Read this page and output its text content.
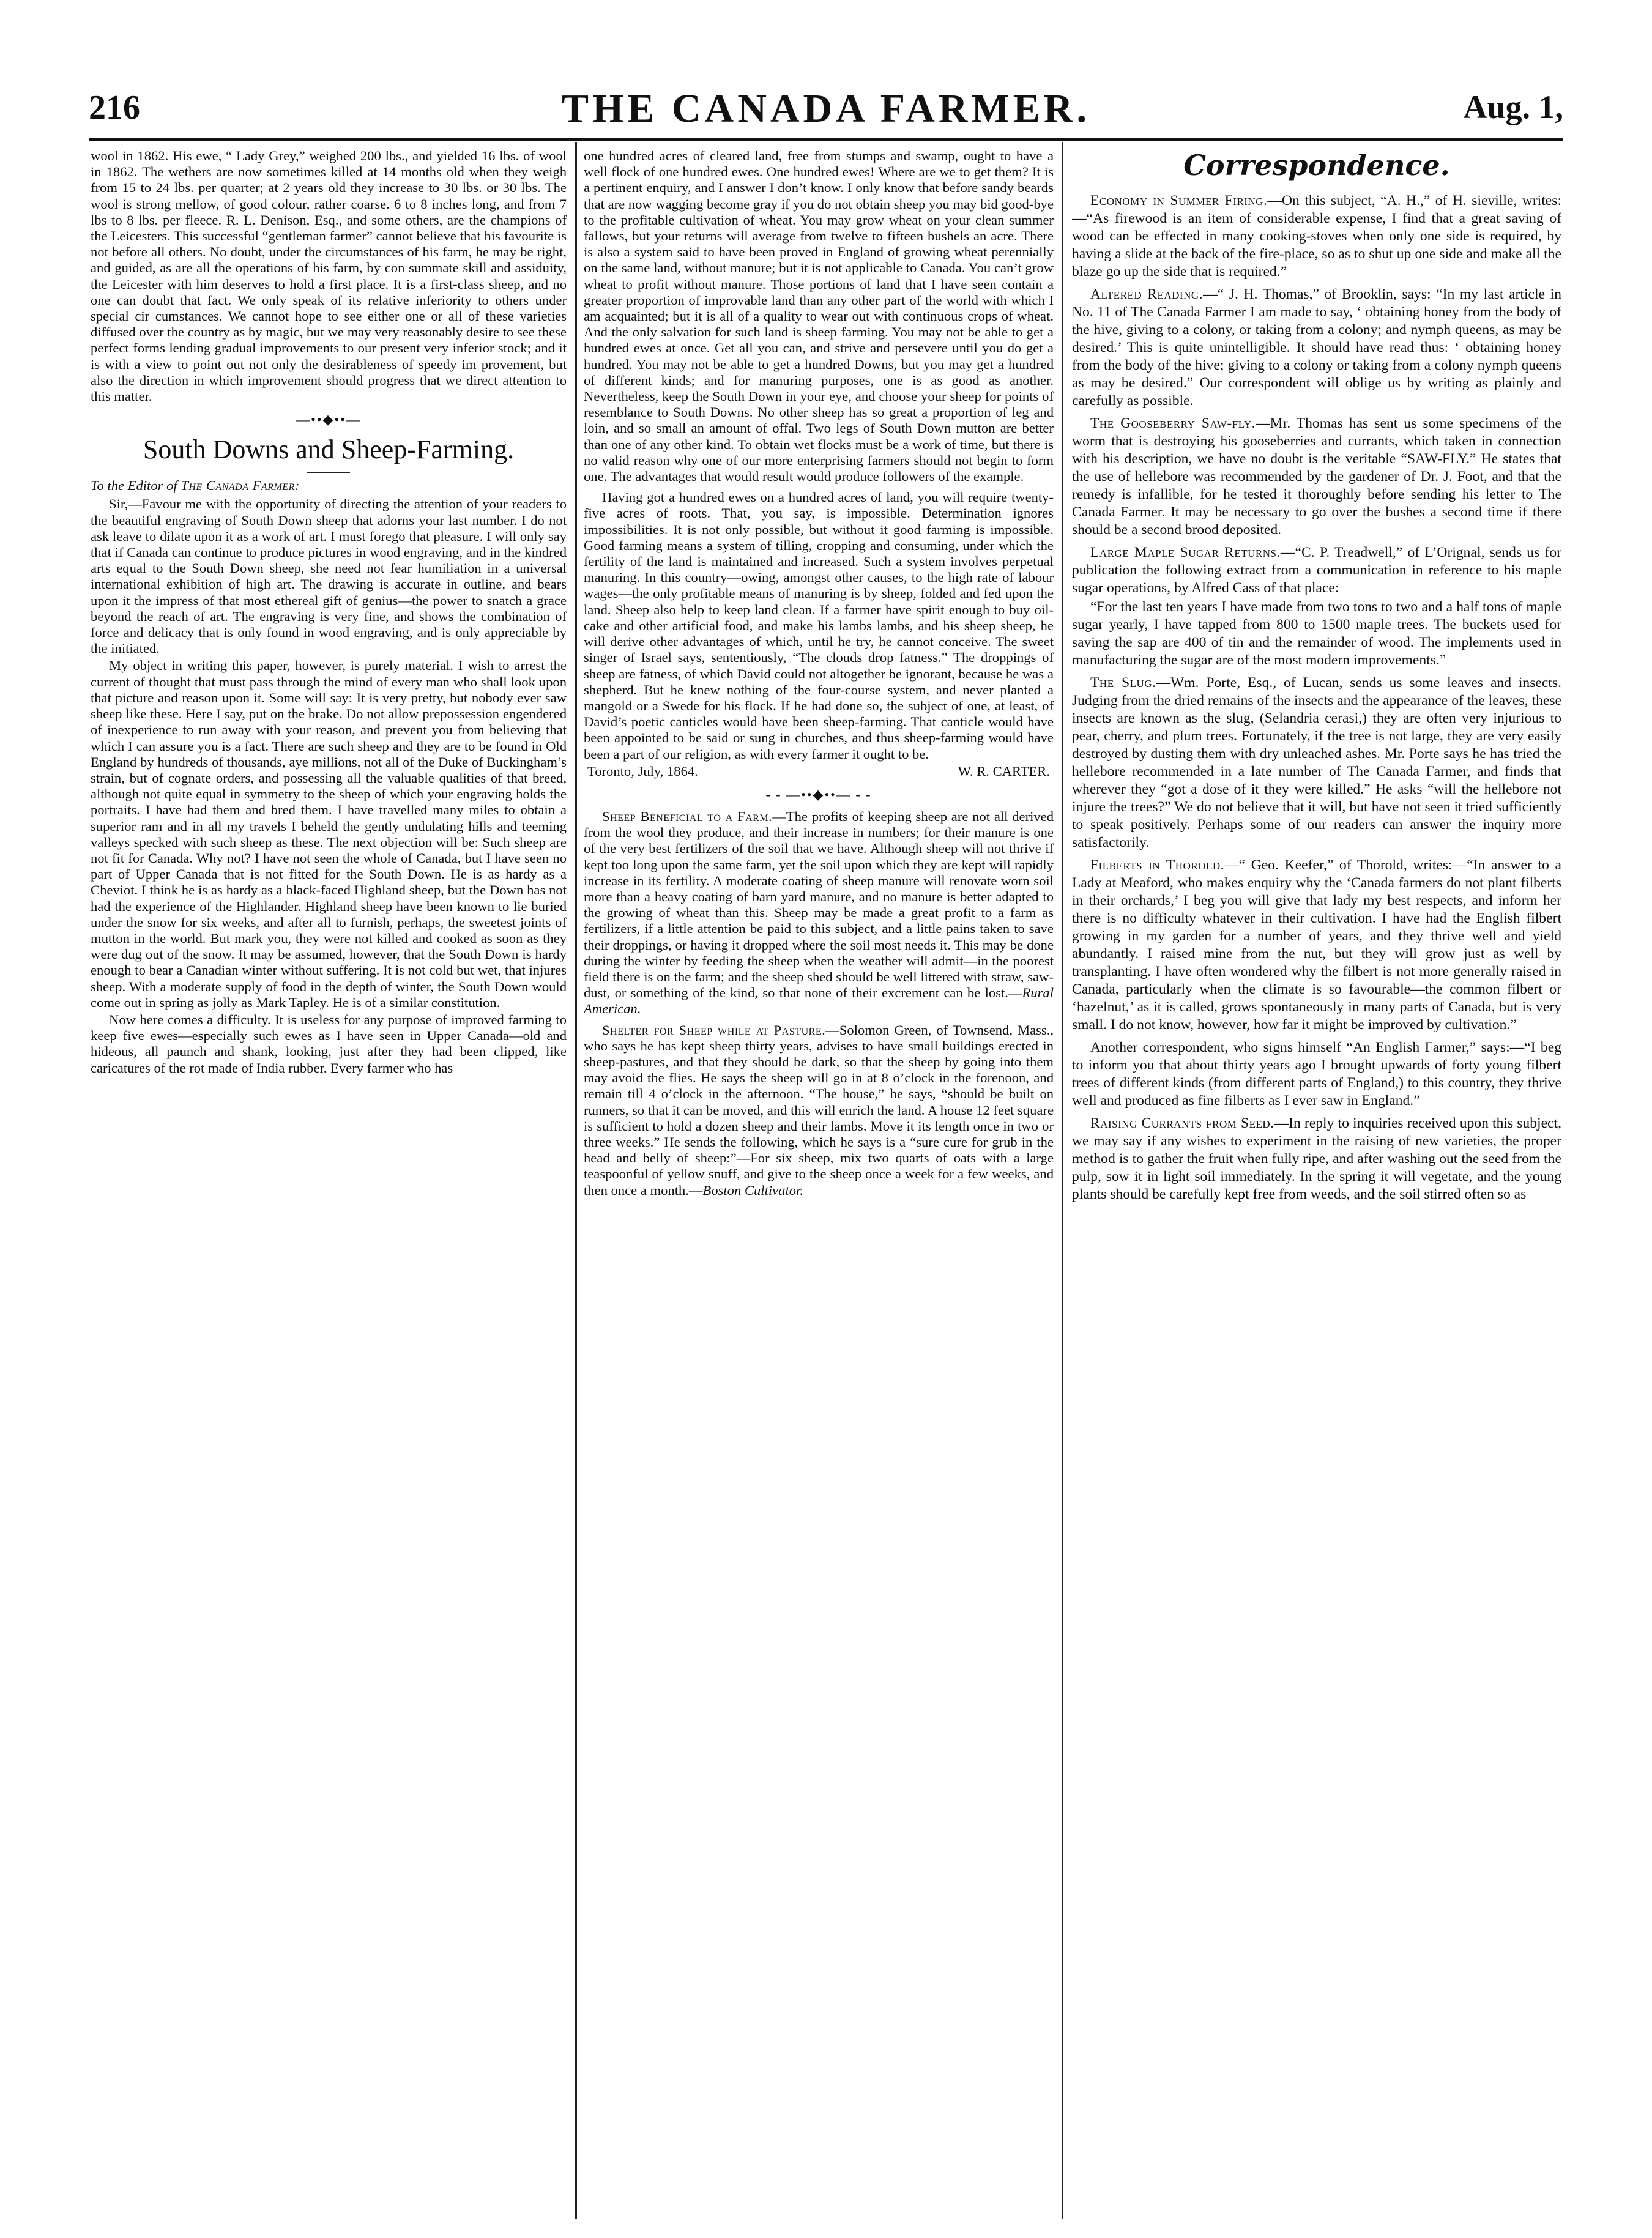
216	THE CANADA FARMER.	Aug. 1,

wool in 1862. His ewe, “ Lady Grey,” weighed 200 lbs., and yielded 16 lbs. of wool in 1862. The wethers are now sometimes killed at 14 months old when they weigh from 15 to 24 lbs. per quarter; at 2 years old they increase to 30 lbs. or 30 lbs. The wool is strong mellow, of good colour, rather coarse. 6 to 8 inches long, and from 7 lbs to 8 lbs. per fleece. R. L. Denison, Esq., and some others, are the champions of the Leicesters. This successful “gentleman farmer” cannot believe that his favourite is not before all others. No doubt, under the circumstances of his farm, he may be right, and guided, as are all the operations of his farm, by con summate skill and assiduity, the Leicester with him deserves to hold a first place. It is a first-class sheep, and no one can doubt that fact. We only speak of its relative inferiority to others under special cir cumstances. We cannot hope to see either one or all of these varieties diffused over the country as by magic, but we may very reasonably desire to see these perfect forms lending gradual improvements to our present very inferior stock; and it is with a view to point out not only the desirableness of speedy im provement, but also the direction in which improvement should progress that we direct attention to this matter.

—••◆••—
South Downs and Sheep-Farming.

To the Editor of The Canada Farmer:

Sir,—Favour me with the opportunity of directing the attention of your readers to the beautiful engraving of South Down sheep that adorns your last number. I do not ask leave to dilate upon it as a work of art. I must forego that pleasure. I will only say that if Canada can continue to produce pictures in wood engraving, and in the kindred arts equal to the South Down sheep, she need not fear humiliation in a universal international exhibition of high art. The drawing is accurate in outline, and bears upon it the impress of that most ethereal gift of genius—the power to snatch a grace beyond the reach of art. The engraving is very fine, and shows the combination of force and delicacy that is only found in wood engraving, and is only appreciable by the initiated.

My object in writing this paper, however, is purely material. I wish to arrest the current of thought that must pass through the mind of every man who shall look upon that picture and reason upon it. Some will say: It is very pretty, but nobody ever saw sheep like these. Here I say, put on the brake. Do not allow prepossession engendered of inexperience to run away with your reason, and prevent you from believing that which I can assure you is a fact. There are such sheep and they are to be found in Old England by hundreds of thousands, aye millions, not all of the Duke of Buckingham’s strain, but of cognate orders, and possessing all the valuable qualities of that breed, although not quite equal in symmetry to the sheep of which your engraving holds the portraits. I have had them and bred them. I have travelled many miles to obtain a superior ram and in all my travels I beheld the gently undulating hills and teeming valleys specked with such sheep as these. The next objection will be: Such sheep are not fit for Canada. Why not? I have not seen the whole of Canada, but I have seen no part of Upper Canada that is not fitted for the South Down. He is as hardy as a Cheviot. I think he is as hardy as a black-faced Highland sheep, but the Down has not had the experience of the Highlander. Highland sheep have been known to lie buried under the snow for six weeks, and after all to furnish, perhaps, the sweetest joints of mutton in the world. But mark you, they were not killed and cooked as soon as they were dug out of the snow. It may be assumed, however, that the South Down is hardy enough to bear a Canadian winter without suffering. It is not cold but wet, that injures sheep. With a moderate supply of food in the depth of winter, the South Down would come out in spring as jolly as Mark Tapley. He is of a similar constitution.

Now here comes a difficulty. It is useless for any purpose of improved farming to keep five ewes—especially such ewes as I have seen in Upper Canada—old and hideous, all paunch and shank, looking, just after they had been clipped, like caricatures of the rot made of India rubber. Every farmer who has

one hundred acres of cleared land, free from stumps and swamp, ought to have a well flock of one hundred ewes. One hundred ewes! Where are we to get them? It is a pertinent enquiry, and I answer I don’t know. I only know that before sandy beards that are now wagging become gray if you do not obtain sheep you may bid good-bye to the profitable cultivation of wheat. You may grow wheat on your clean summer fallows, but your returns will average from twelve to fifteen bushels an acre. There is also a system said to have been proved in England of growing wheat perennially on the same land, without manure; but it is not applicable to Canada. You can’t grow wheat to profit without manure. Those portions of land that I have seen contain a greater proportion of improvable land than any other part of the world with which I am acquainted; but it is all of a quality to wear out with continuous crops of wheat. And the only salvation for such land is sheep farming. You may not be able to get a hundred ewes at once. Get all you can, and strive and persevere until you do get a hundred. You may not be able to get a hundred Downs, but you may get a hundred of different kinds; and for manuring purposes, one is as good as another. Nevertheless, keep the South Down in your eye, and choose your sheep for points of resemblance to South Downs. No other sheep has so great a proportion of leg and loin, and so small an amount of offal. Two legs of South Down mutton are better than one of any other kind. To obtain wet flocks must be a work of time, but there is no valid reason why one of our more enterprising farmers should not begin to form one. The advantages that would result would produce followers of the example.

Having got a hundred ewes on a hundred acres of land, you will require twenty-five acres of roots. That, you say, is impossible. Determination ignores impossibilities. It is not only possible, but without it good farming is impossible. Good farming means a system of tilling, cropping and consuming, under which the fertility of the land is maintained and increased. Such a system involves perpetual manuring. In this country—owing, amongst other causes, to the high rate of labour wages—the only profitable means of manuring is by sheep, folded and fed upon the land. Sheep also help to keep land clean. If a farmer have spirit enough to buy oil-cake and other artificial food, and make his lambs lambs, and his sheep sheep, he will derive other advantages of which, until he try, he cannot conceive. The sweet singer of Israel says, sententiously, “The clouds drop fatness.” The droppings of sheep are fatness, of which David could not altogether be ignorant, because he was a shepherd. But he knew nothing of the four-course system, and never planted a mangold or a Swede for his flock. If he had done so, the subject of one, at least, of David’s poetic canticles would have been sheep-farming. That canticle would have been appointed to be said or sung in churches, and thus sheep-farming would have been a part of our religion, as with every farmer it ought to be.

Toronto, July, 1864.	W. R. CARTER.

- - —••◆••— - -

Sheep Beneficial to a Farm.—The profits of keeping sheep are not all derived from the wool they produce, and their increase in numbers; for their manure is one of the very best fertilizers of the soil that we have. Although sheep will not thrive if kept too long upon the same farm, yet the soil upon which they are kept will rapidly increase in its fertility. A moderate coating of sheep manure will renovate worn soil more than a heavy coating of barn yard manure, and no manure is better adapted to the growing of wheat than this. Sheep may be made a great profit to a farm as fertilizers, if a little attention be paid to this subject, and a little pains taken to save their droppings, or having it dropped where the soil most needs it. This may be done during the winter by feeding the sheep when the weather will admit—in the poorest field there is on the farm; and the sheep shed should be well littered with straw, saw-dust, or something of the kind, so that none of their excrement can be lost.—Rural American.

Shelter for Sheep while at Pasture.—Solomon Green, of Townsend, Mass., who says he has kept sheep thirty years, advises to have small buildings erected in sheep-pastures, and that they should be dark, so that the sheep by going into them may avoid the flies. He says the sheep will go in at 8 o’clock in the forenoon, and remain till 4 o’clock in the afternoon. “The house,” he says, “should be built on runners, so that it can be moved, and this will enrich the land. A house 12 feet square is sufficient to hold a dozen sheep and their lambs. Move it its length once in two or three weeks.” He sends the following, which he says is a “sure cure for grub in the head and belly of sheep:”—For six sheep, mix two quarts of oats with a large teaspoonful of yellow snuff, and give to the sheep once a week for a few weeks, and then once a month.—Boston Cultivator.

Correspondence.

Economy in Summer Firing.—On this subject, “A. H.,” of H. sieville, writes:—“As firewood is an item of considerable expense, I find that a great saving of wood can be effected in many cooking-stoves when only one side is required, by having a slide at the back of the fire-place, so as to shut up one side and make all the blaze go up the side that is required.”

Altered Reading.—“ J. H. Thomas,” of Brooklin, says: “In my last article in No. 11 of The Canada Farmer I am made to say, ‘ obtaining honey from the body of the hive, giving to a colony, or taking from a colony; and nymph queens, as may be desired.’ This is quite unintelligible. It should have read thus: ‘ obtaining honey from the body of the hive; giving to a colony or taking from a colony nymph queens as may be desired.” Our correspondent will oblige us by writing as plainly and carefully as possible.

The Gooseberry Saw-fly.—Mr. Thomas has sent us some specimens of the worm that is destroying his gooseberries and currants, which taken in connection with his description, we have no doubt is the veritable “SAW-FLY.” He states that the use of hellebore was recommended by the gardener of Dr. J. Foot, and that the remedy is infallible, for he tested it thoroughly before sending his letter to The Canada Farmer. It may be necessary to go over the bushes a second time if there should be a second brood deposited.

Large Maple Sugar Returns.—“C. P. Treadwell,” of L’Orignal, sends us for publication the following extract from a communication in reference to his maple sugar operations, by Alfred Cass of that place:

“For the last ten years I have made from two tons to two and a half tons of maple sugar yearly, I have tapped from 800 to 1500 maple trees. The buckets used for saving the sap are 400 of tin and the remainder of wood. The implements used in manufacturing the sugar are of the most modern improvements.”

The Slug.—Wm. Porte, Esq., of Lucan, sends us some leaves and insects. Judging from the dried remains of the insects and the appearance of the leaves, these insects are known as the slug, (Selandria cerasi,) they are often very injurious to pear, cherry, and plum trees. Fortunately, if the tree is not large, they are very easily destroyed by dusting them with dry unleached ashes. Mr. Porte says he has tried the hellebore recommended in a late number of The Canada Farmer, and finds that wherever they “got a dose of it they were killed.” He asks “will the hellebore not injure the trees?” We do not believe that it will, but have not seen it tried sufficiently to speak positively. Perhaps some of our readers can answer the inquiry more satisfactorily.

Filberts in Thorold.—“ Geo. Keefer,” of Thorold, writes:—“In answer to a Lady at Meaford, who makes enquiry why the ‘Canada farmers do not plant filberts in their orchards,’ I beg you will give that lady my best respects, and inform her there is no difficulty whatever in their cultivation. I have had the English filbert growing in my garden for a number of years, and they thrive well and yield abundantly. I raised mine from the nut, but they will grow just as well by transplanting. I have often wondered why the filbert is not more generally raised in Canada, particularly when the climate is so favourable—the common filbert or ‘hazelnut,’ as it is called, grows spontaneously in many parts of Canada, but is very small. I do not know, however, how far it might be improved by cultivation.”

Another correspondent, who signs himself “An English Farmer,” says:—“I beg to inform you that about thirty years ago I brought upwards of forty young filbert trees of different kinds (from different parts of England,) to this country, they thrive well and produced as fine filberts as I ever saw in England.”

Raising Currants from Seed.—In reply to inquiries received upon this subject, we may say if any wishes to experiment in the raising of new varieties, the proper method is to gather the fruit when fully ripe, and after washing out the seed from the pulp, sow it in light soil immediately. In the spring it will vegetate, and the young plants should be carefully kept free from weeds, and the soil stirred often so as
